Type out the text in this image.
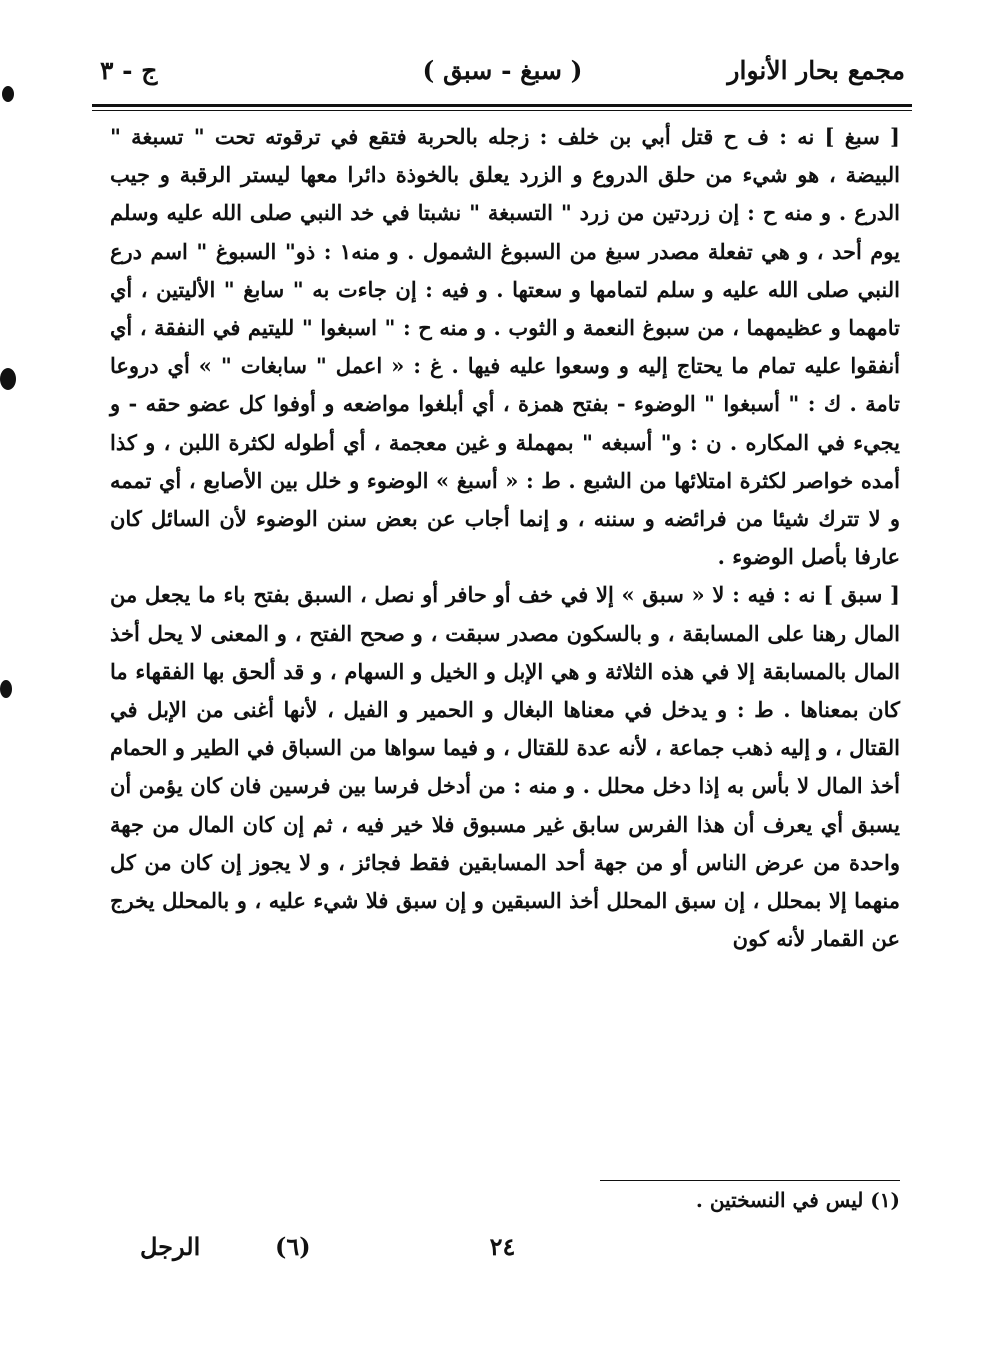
مجمع بحار الأنوار
( سبغ - سبق )
ج - ٣

[ سبغ ] نه : ف ح قتل أبي بن خلف : زجله بالحربة فتقع في ترقوته تحت " تسبغة " البيضة ، هو شيء من حلق الدروع و الزرد يعلق بالخوذة دائرا معها ليستر الرقبة و جيب الدرع . و منه ح : إن زردتين من زرد " التسبغة " نشبتا في خد النبي صلى الله عليه وسلم يوم أحد ، و هي تفعلة مصدر سبغ من السبوغ الشمول . و منه١ : ذو" السبوغ " اسم درع النبي صلى الله عليه و سلم لتمامها و سعتها . و فيه : إن جاءت به " سابغ " الأليتين ، أي تامهما و عظيمهما ، من سبوغ النعمة و الثوب . و منه ح : " اسبغوا " لليتيم في النفقة ، أي أنفقوا عليه تمام ما يحتاج إليه و وسعوا عليه فيها . غ : « اعمل " سابغات " » أي دروعا تامة . ك : " أسبغوا " الوضوء - بفتح همزة ، أي أبلغوا مواضعه و أوفوا كل عضو حقه - و يجيء في المكاره . ن : و" أسبغه " بمهملة و غين معجمة ، أي أطوله لكثرة اللبن ، و كذا أمده خواصر لكثرة امتلائها من الشبع . ط : « أسبغ » الوضوء و خلل بين الأصابع ، أي تممه و لا تترك شيئا من فرائضه و سننه ، و إنما أجاب عن بعض سنن الوضوء لأن السائل كان عارفا بأصل الوضوء .

[ سبق ] نه : فيه : لا « سبق » إلا في خف أو حافر أو نصل ، السبق بفتح باء ما يجعل من المال رهنا على المسابقة ، و بالسكون مصدر سبقت ، و صحح الفتح ، و المعنى لا يحل أخذ المال بالمسابقة إلا في هذه الثلاثة و هي الإبل و الخيل و السهام ، و قد ألحق بها الفقهاء ما كان بمعناها . ط : و يدخل في معناها البغال و الحمير و الفيل ، لأنها أغنى من الإبل في القتال ، و إليه ذهب جماعة ، لأنه عدة للقتال ، و فيما سواها من السباق في الطير و الحمام أخذ المال لا بأس به إذا دخل محلل . و منه : من أدخل فرسا بين فرسين فان كان يؤمن أن يسبق أي يعرف أن هذا الفرس سابق غير مسبوق فلا خير فيه ، ثم إن كان المال من جهة واحدة من عرض الناس أو من جهة أحد المسابقين فقط فجائز ، و لا يجوز إن كان من كل منهما إلا بمحلل ، إن سبق المحلل أخذ السبقين و إن سبق فلا شيء عليه ، و بالمحلل يخرج عن القمار لأنه كون

(١) ليس في النسختين .
الرجل	(٦)	٢٤
